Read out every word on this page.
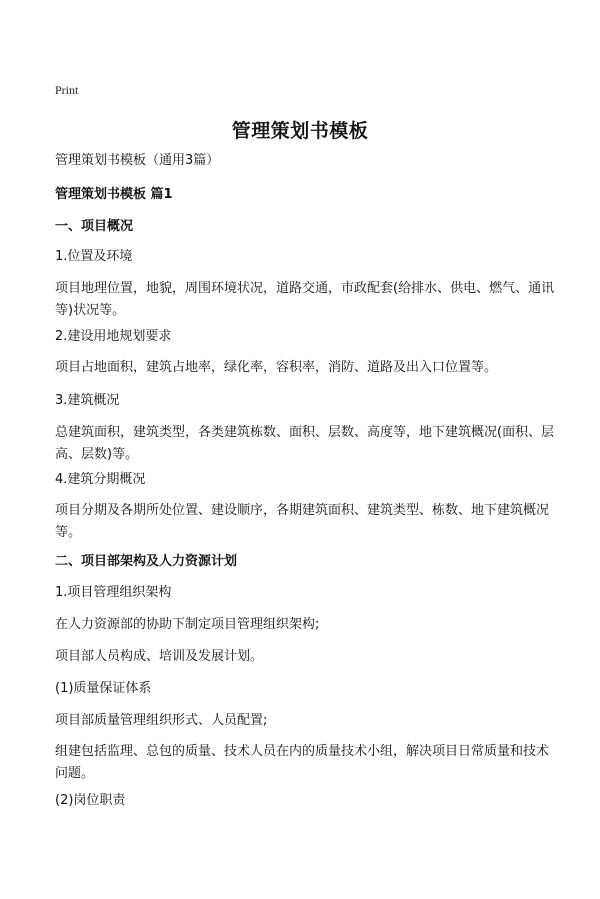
Print
管理策划书模板
管理策划书模板（通用3篇）
管理策划书模板 篇1
一、项目概况
1.位置及环境
项目地理位置，地貌，周围环境状况，道路交通，市政配套(给排水、供电、燃气、通讯等)状况等。
2.建设用地规划要求
项目占地面积，建筑占地率，绿化率，容积率，消防、道路及出入口位置等。
3.建筑概况
总建筑面积，建筑类型，各类建筑栋数、面积、层数、高度等，地下建筑概况(面积、层高、层数)等。
4.建筑分期概况
项目分期及各期所处位置、建设顺序，各期建筑面积、建筑类型、栋数、地下建筑概况等。
二、项目部架构及人力资源计划
1.项目管理组织架构
在人力资源部的协助下制定项目管理组织架构;
项目部人员构成、培训及发展计划。
(1)质量保证体系
项目部质量管理组织形式、人员配置;
组建包括监理、总包的质量、技术人员在内的质量技术小组，解决项目日常质量和技术问题。
(2)岗位职责
